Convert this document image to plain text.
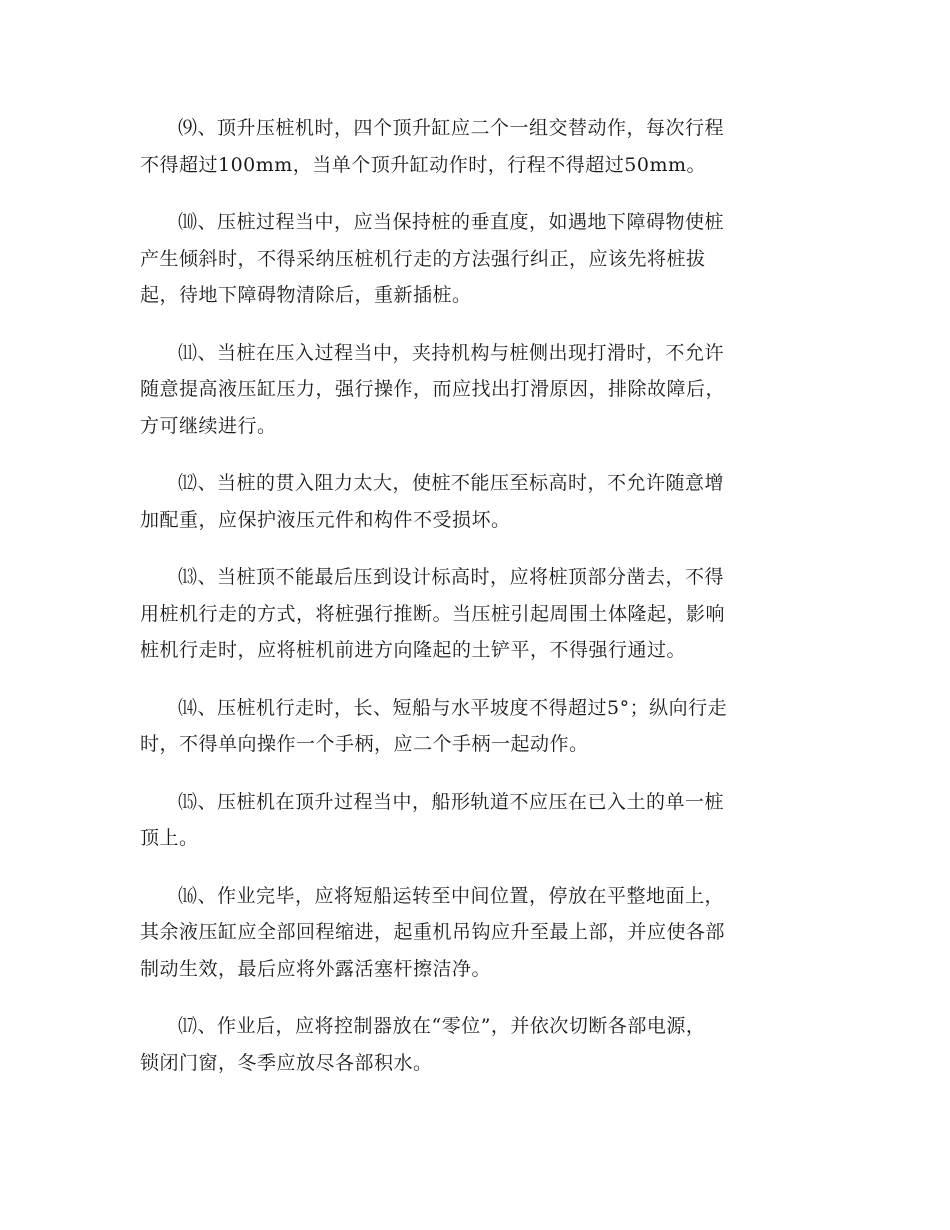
⑼、顶升压桩机时，四个顶升缸应二个一组交替动作，每次行程
不得超过100mm，当单个顶升缸动作时，行程不得超过50mm。

⑽、压桩过程当中，应当保持桩的垂直度，如遇地下障碍物使桩
产生倾斜时，不得采纳压桩机行走的方法强行纠正，应该先将桩拔
起，待地下障碍物清除后，重新插桩。

⑾、当桩在压入过程当中，夹持机构与桩侧出现打滑时，不允许
随意提高液压缸压力，强行操作，而应找出打滑原因，排除故障后，
方可继续进行。

⑿、当桩的贯入阻力太大，使桩不能压至标高时，不允许随意增
加配重，应保护液压元件和构件不受损坏。

⒀、当桩顶不能最后压到设计标高时，应将桩顶部分凿去，不得
用桩机行走的方式，将桩强行推断。当压桩引起周围土体隆起，影响
桩机行走时，应将桩机前进方向隆起的土铲平，不得强行通过。

⒁、压桩机行走时，长、短船与水平坡度不得超过5°；纵向行走
时，不得单向操作一个手柄，应二个手柄一起动作。

⒂、压桩机在顶升过程当中，船形轨道不应压在已入土的单一桩
顶上。

⒃、作业完毕，应将短船运转至中间位置，停放在平整地面上，
其余液压缸应全部回程缩进，起重机吊钩应升至最上部，并应使各部
制动生效，最后应将外露活塞杆擦洁净。

⒄、作业后，应将控制器放在“零位”，并依次切断各部电源，
锁闭门窗，冬季应放尽各部积水。
